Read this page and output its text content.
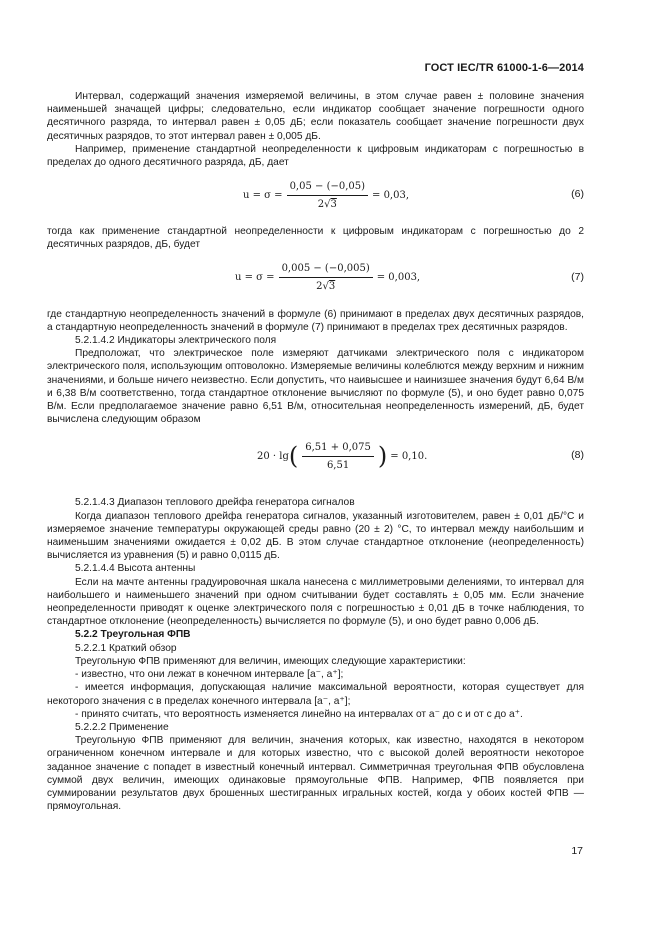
ГОСТ IEC/TR 61000-1-6—2014

Интервал, содержащий значения измеряемой величины, в этом случае равен ± половине значения наименьшей значащей цифры; следовательно, если индикатор сообщает значение погрешности одного десятичного разряда, то интервал равен ± 0,05 дБ; если показатель сообщает значение погрешности двух десятичных разрядов, то этот интервал равен ± 0,005 дБ.

Например, применение стандартной неопределенности к цифровым индикаторам с погрешностью в пределах до одного десятичного разряда, дБ, дает

$u = \sigma = \frac{0,05 - (-0,05)}{2√3} = 0,03$,	(6)

тогда как применение стандартной неопределенности к цифровым индикаторам с погрешностью до 2 десятичных разрядов, дБ, будет

$u = \sigma = \frac{0,005 - (-0,005)}{2√3} = 0,003$,	(7)

где стандартную неопределенность значений в формуле (6) принимают в пределах двух десятичных разрядов, а стандартную неопределенность значений в формуле (7) принимают в пределах трех десятичных разрядов.

5.2.1.4.2 Индикаторы электрического поля

Предположат, что электрическое поле измеряют датчиками электрического поля с индикатором электрического поля, использующим оптоволокно. Измеряемые величины колеблются между верхним и нижним значениями, и больше ничего неизвестно. Если допустить, что наивысшее и наинизшее значения будут 6,64 В/м и 6,38 В/м соответственно, тогда стандартное отклонение вычисляют по формуле (5), и оно будет равно 0,075 В/м. Если предполагаемое значение равно 6,51 В/м, относительная неопределенность измерений, дБ, будет вычислена следующим образом

20 · lg ( $\frac{6,51 + 0,075}{6,51}$ ) = 0,10.	(8)

5.2.1.4.3 Диапазон теплового дрейфа генератора сигналов

Когда диапазон теплового дрейфа генератора сигналов, указанный изготовителем, равен ± 0,01 дБ/°С и измеряемое значение температуры окружающей среды равно (20 ± 2) °С, то интервал между наибольшим и наименьшим значениями ожидается ± 0,02 дБ. В этом случае стандартное отклонение (неопределенность) вычисляется из уравнения (5) и равно 0,0115 дБ.

5.2.1.4.4 Высота антенны

Если на мачте антенны градуировочная шкала нанесена с миллиметровыми делениями, то интервал для наибольшего и наименьшего значений при одном считывании будет составлять ± 0,05 мм. Если значение неопределенности приводят к оценке электрического поля с погрешностью ± 0,01 дБ в точке наблюдения, то стандартное отклонение (неопределенность) вычисляется по формуле (5), и оно будет равно 0,006 дБ.

5.2.2 Треугольная ФПВ

5.2.2.1 Краткий обзор

Треугольную ФПВ применяют для величин, имеющих следующие характеристики:

- известно, что они лежат в конечном интервале [a⁻, a⁺];

- имеется информация, допускающая наличие максимальной вероятности, которая существует для некоторого значения с в пределах конечного интервала [a⁻, a⁺];

- принято считать, что вероятность изменяется линейно на интервалах от a⁻ до c и от c до a⁺.

5.2.2.2 Применение

Треугольную ФПВ применяют для величин, значения которых, как известно, находятся в некотором ограниченном конечном интервале и для которых известно, что с высокой долей вероятности некоторое заданное значение с попадет в известный конечный интервал. Симметричная треугольная ФПВ обусловлена суммой двух величин, имеющих одинаковые прямоугольные ФПВ. Например, ФПВ появляется при суммировании результатов двух брошенных шестигранных игральных костей, когда у обоих костей ФПВ — прямоугольная.

17
